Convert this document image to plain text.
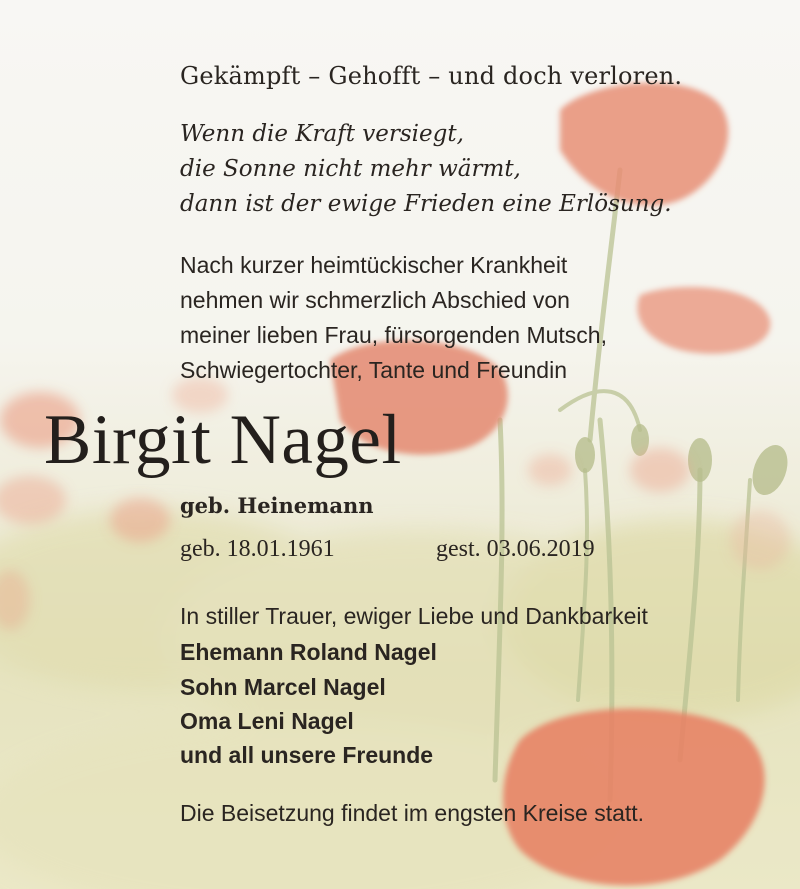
Gekämpft – Gehofft – und doch verloren.
Wenn die Kraft versiegt,
die Sonne nicht mehr wärmt,
dann ist der ewige Frieden eine Erlösung.
Nach kurzer heimtückischer Krankheit
nehmen wir schmerzlich Abschied von
meiner lieben Frau, fürsorgenden Mutsch,
Schwiegertochter, Tante und Freundin
Birgit Nagel
geb. Heinemann
geb. 18.01.1961	gest. 03.06.2019
In stiller Trauer, ewiger Liebe und Dankbarkeit
Ehemann Roland Nagel
Sohn Marcel Nagel
Oma Leni Nagel
und all unsere Freunde
Die Beisetzung findet im engsten Kreise statt.
